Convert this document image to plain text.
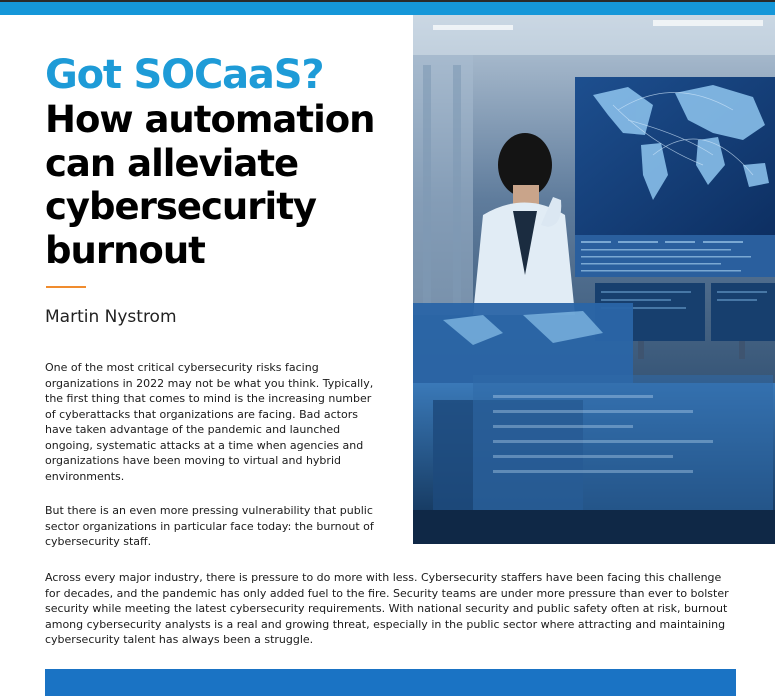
Got SOCaaS?
How automation can alleviate cybersecurity burnout

Martin Nystrom

One of the most critical cybersecurity risks facing organizations in 2022 may not be what you think. Typically, the first thing that comes to mind is the increasing number of cyberattacks that organizations are facing. Bad actors have taken advantage of the pandemic and launched ongoing, systematic attacks at a time when agencies and organizations have been moving to virtual and hybrid environments.

But there is an even more pressing vulnerability that public sector organizations in particular face today: the burnout of cybersecurity staff.

Across every major industry, there is pressure to do more with less. Cybersecurity staffers have been facing this challenge for decades, and the pandemic has only added fuel to the fire. Security teams are under more pressure than ever to bolster security while meeting the latest cybersecurity requirements. With national security and public safety often at risk, burnout among cybersecurity analysts is a real and growing threat, especially in the public sector where attracting and maintaining cybersecurity talent has always been a struggle.
